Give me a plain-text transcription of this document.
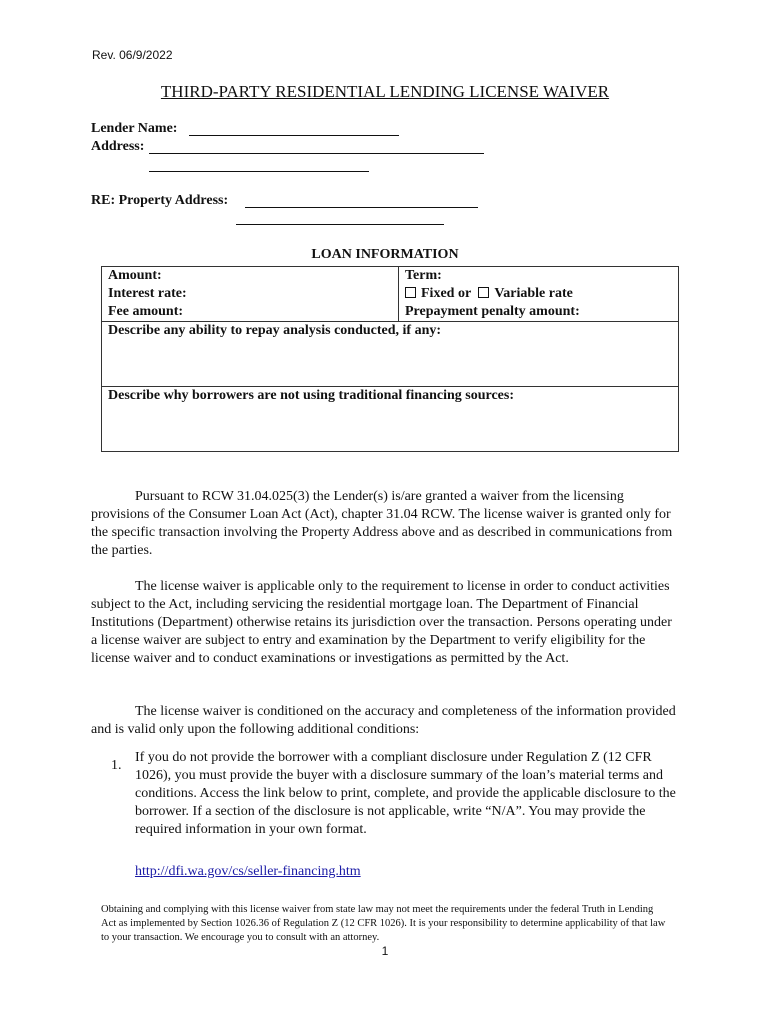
Rev. 06/9/2022
THIRD-PARTY RESIDENTIAL LENDING LICENSE WAIVER
Lender Name:
Address:
RE: Property Address:
LOAN INFORMATION
Amount:	Term:
Interest rate:	Fixed or Variable rate
Fee amount:	Prepayment penalty amount:
Describe any ability to repay analysis conducted, if any:	
Describe why borrowers are not using traditional financing sources:	
Pursuant to RCW 31.04.025(3) the Lender(s) is/are granted a waiver from the licensing provisions of the Consumer Loan Act (Act), chapter 31.04 RCW. The license waiver is granted only for the specific transaction involving the Property Address above and as described in communications from the parties.
The license waiver is applicable only to the requirement to license in order to conduct activities subject to the Act, including servicing the residential mortgage loan. The Department of Financial Institutions (Department) otherwise retains its jurisdiction over the transaction. Persons operating under a license waiver are subject to entry and examination by the Department to verify eligibility for the license waiver and to conduct examinations or investigations as permitted by the Act.
The license waiver is conditioned on the accuracy and completeness of the information provided and is valid only upon the following additional conditions:
1.
If you do not provide the borrower with a compliant disclosure under Regulation Z (12 CFR 1026), you must provide the buyer with a disclosure summary of the loan’s material terms and conditions. Access the link below to print, complete, and provide the applicable disclosure to the borrower. If a section of the disclosure is not applicable, write “N/A”. You may provide the required information in your own format.
http://dfi.wa.gov/cs/seller-financing.htm
Obtaining and complying with this license waiver from state law may not meet the requirements under the federal Truth in Lending Act as implemented by Section 1026.36 of Regulation Z (12 CFR 1026). It is your responsibility to determine applicability of that law to your transaction. We encourage you to consult with an attorney.
1
